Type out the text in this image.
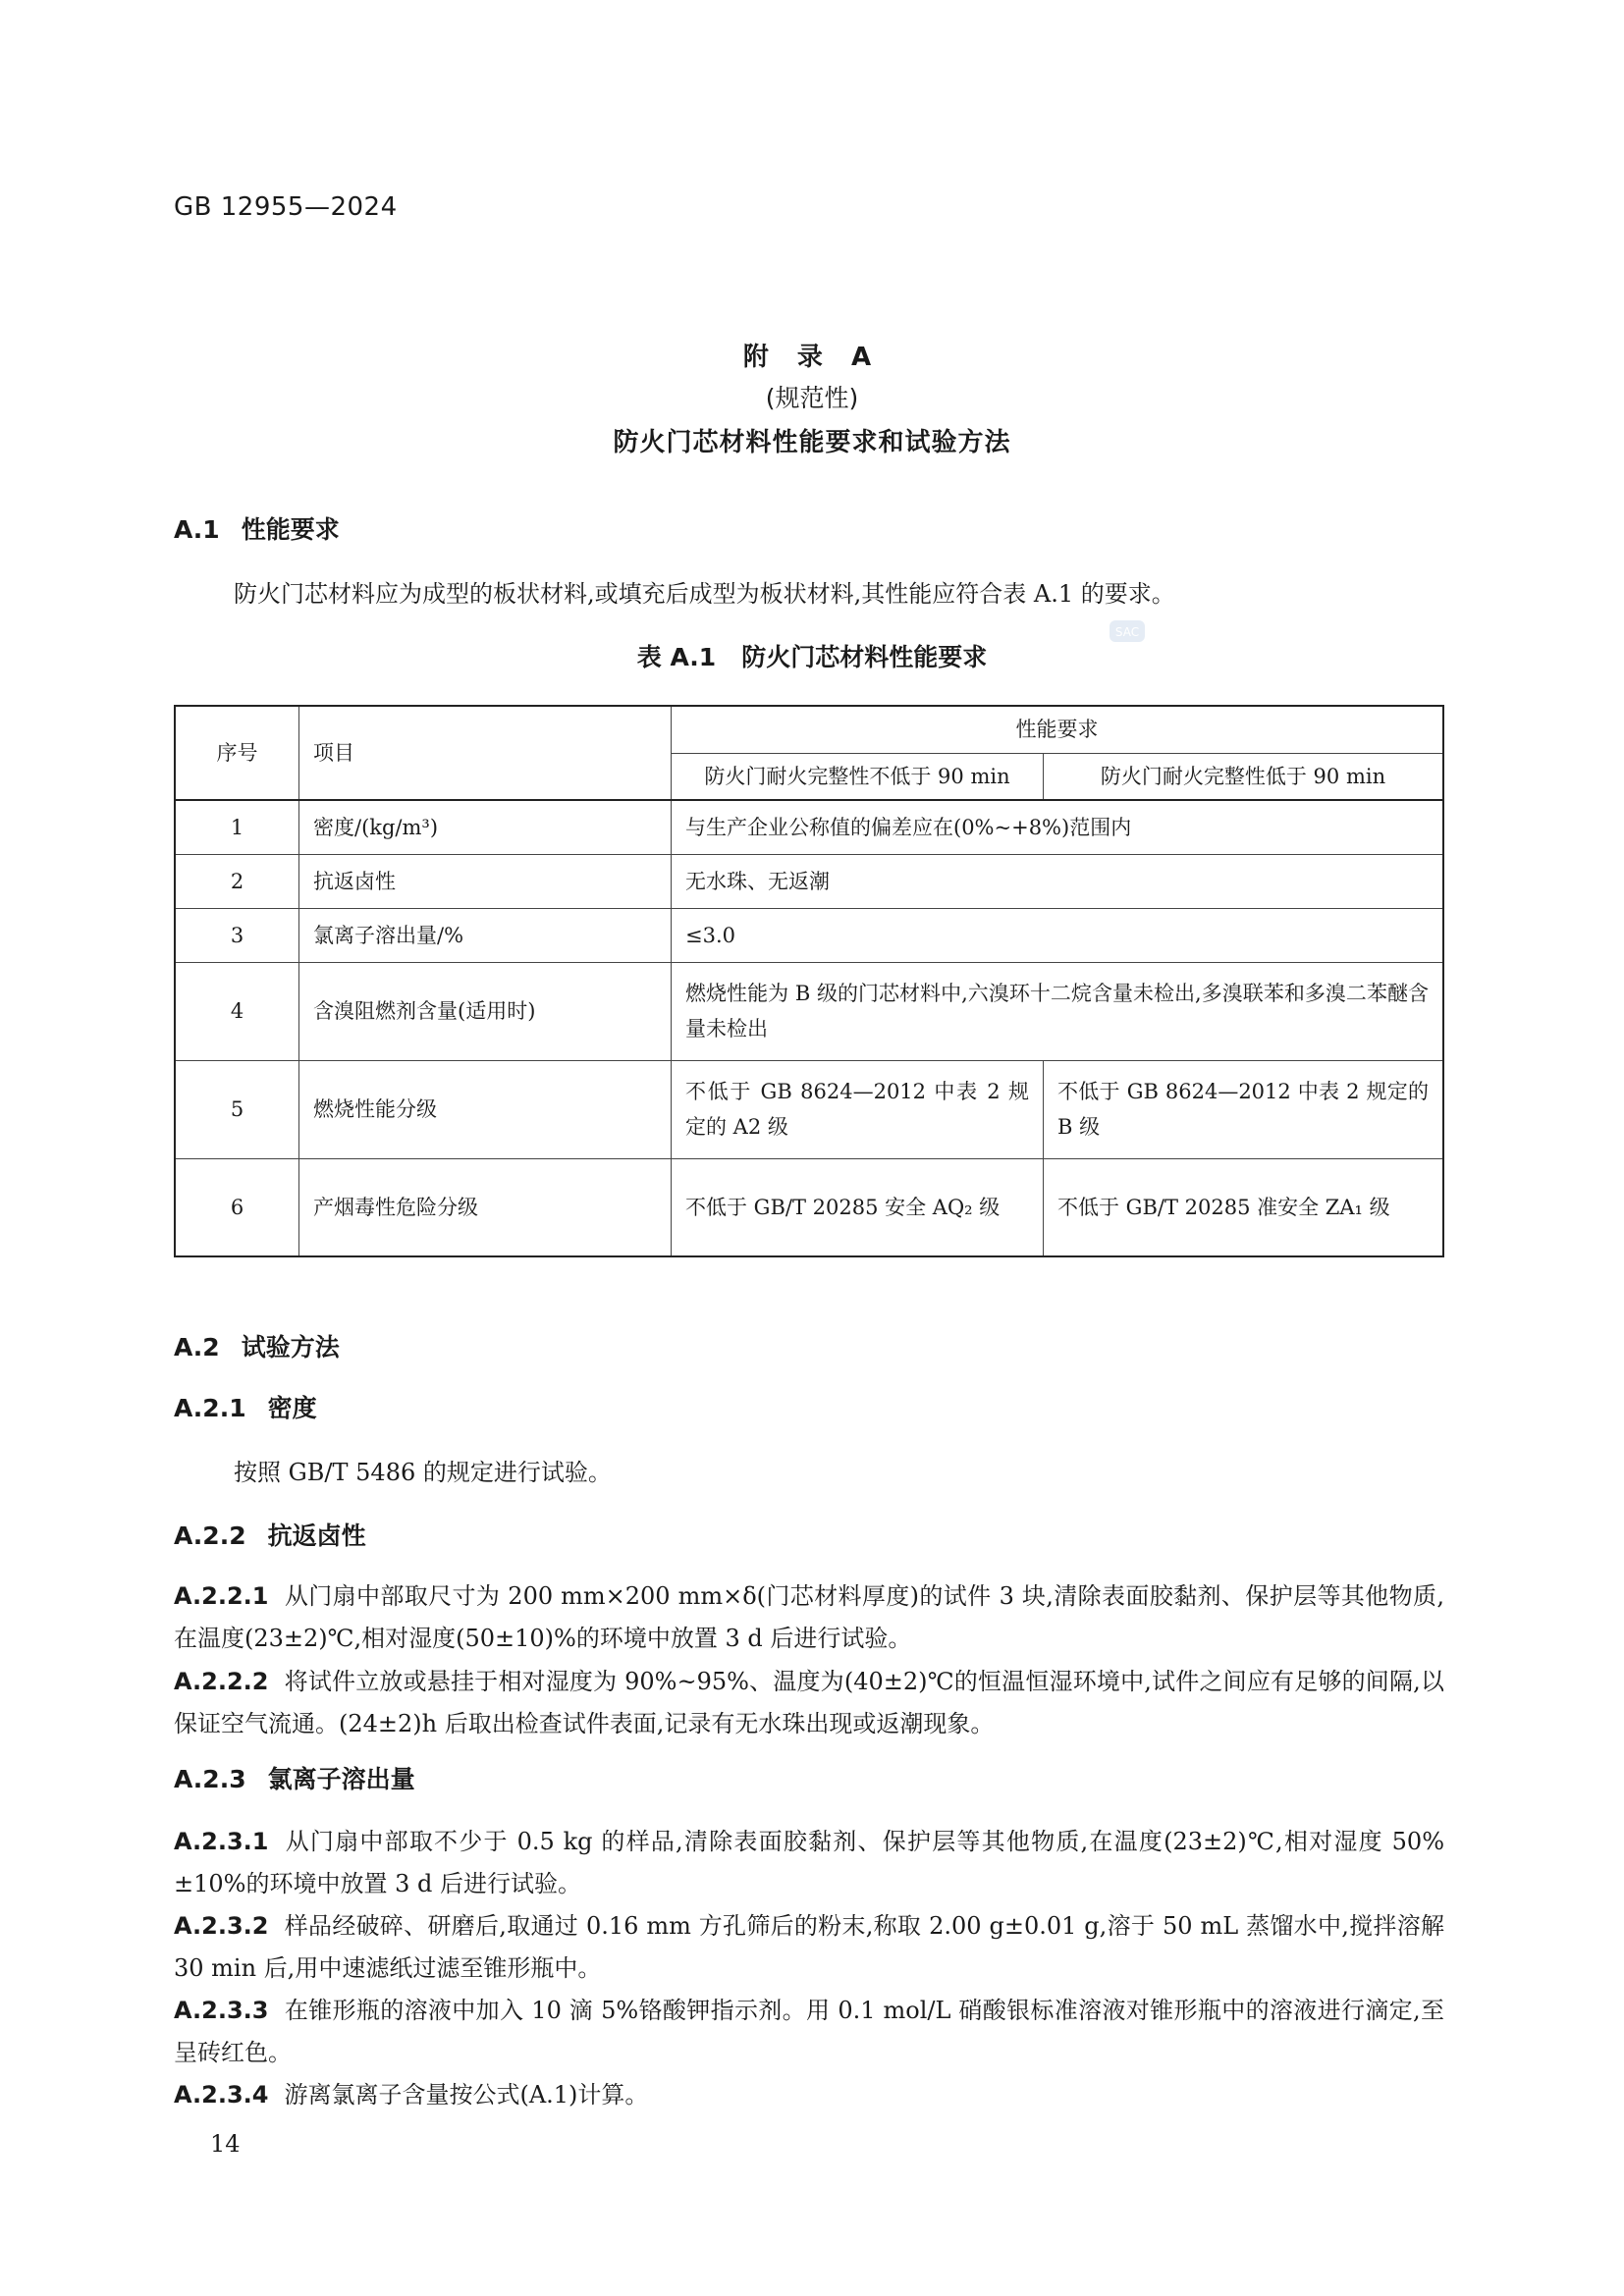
GB 12955—2024
附 录 A
(规范性)
防火门芯材料性能要求和试验方法
A.1 性能要求
防火门芯材料应为成型的板状材料,或填充后成型为板状材料,其性能应符合表 A.1 的要求。
表 A.1 防火门芯材料性能要求
SAC
序号	项目	性能要求	
		防火门耐火完整性不低于 90 min	防火门耐火完整性低于 90 min
1	密度/(kg/m³)	与生产企业公称值的偏差应在(0%~+8%)范围内	
2	抗返卤性	无水珠、无返潮	
3	氯离子溶出量/%	≤3.0	
4	含溴阻燃剂含量(适用时)	燃烧性能为 B 级的门芯材料中,六溴环十二烷含量未检出,多溴联苯和多溴二苯醚含量未检出	
5	燃烧性能分级	不低于 GB 8624—2012 中表 2 规定的 A2 级	不低于 GB 8624—2012 中表 2 规定的 B 级
6	产烟毒性危险分级	不低于 GB/T 20285 安全 AQ₂ 级	不低于 GB/T 20285 准安全 ZA₁ 级
A.2 试验方法
A.2.1 密度
按照 GB/T 5486 的规定进行试验。
A.2.2 抗返卤性
A.2.2.1 从门扇中部取尺寸为 200 mm×200 mm×δ(门芯材料厚度)的试件 3 块,清除表面胶黏剂、保护层等其他物质,在温度(23±2)℃,相对湿度(50±10)%的环境中放置 3 d 后进行试验。
A.2.2.2 将试件立放或悬挂于相对湿度为 90%~95%、温度为(40±2)℃的恒温恒湿环境中,试件之间应有足够的间隔,以保证空气流通。(24±2)h 后取出检查试件表面,记录有无水珠出现或返潮现象。
A.2.3 氯离子溶出量
A.2.3.1 从门扇中部取不少于 0.5 kg 的样品,清除表面胶黏剂、保护层等其他物质,在温度(23±2)℃,相对湿度 50%±10%的环境中放置 3 d 后进行试验。
A.2.3.2 样品经破碎、研磨后,取通过 0.16 mm 方孔筛后的粉末,称取 2.00 g±0.01 g,溶于 50 mL 蒸馏水中,搅拌溶解 30 min 后,用中速滤纸过滤至锥形瓶中。
A.2.3.3 在锥形瓶的溶液中加入 10 滴 5%铬酸钾指示剂。用 0.1 mol/L 硝酸银标准溶液对锥形瓶中的溶液进行滴定,至呈砖红色。
A.2.3.4 游离氯离子含量按公式(A.1)计算。
14
